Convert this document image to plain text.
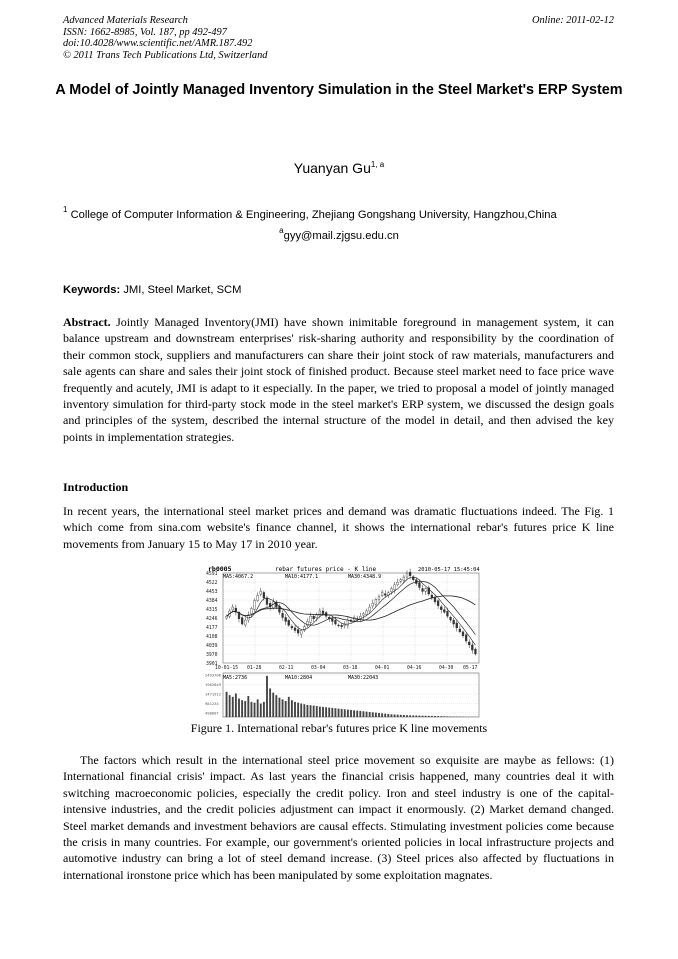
Advanced Materials Research
ISSN: 1662-8985, Vol. 187, pp 492-497
doi:10.4028/www.scientific.net/AMR.187.492
© 2011 Trans Tech Publications Ltd, Switzerland
Online: 2011-02-12
A Model of Jointly Managed Inventory Simulation in the Steel Market's ERP System
Yuanyan Gu$^{1, a}$
$^1$ College of Computer Information & Engineering, Zhejiang Gongshang University, Hangzhou,China
$^a$gyy@mail.zjgsu.edu.cn
Keywords: JMI, Steel Market, SCM

Abstract. Jointly Managed Inventory(JMI) have shown inimitable foreground in management system, it can balance upstream and downstream enterprises' risk-sharing authority and responsibility by the coordination of their common stock, suppliers and manufacturers can share their joint stock of raw materials, manufacturers and sale agents can share and sales their joint stock of finished product. Because steel market need to face price wave frequently and acutely, JMI is adapt to it especially. In the paper, we tried to proposal a model of jointly managed inventory simulation for third-party stock mode in the steel market's ERP system, we discussed the design goals and principles of the system, described the internal structure of the model in detail, and then advised the key points in implementation strategies.

Introduction

In recent years, the international steel market prices and demand was dramatic fluctuations indeed. The Fig. 1 which come from sina.com website's finance channel, it shows the international rebar's futures price K line movements from January 15 to May 17 in 2010 year.

4591
4522
4453
4384
4315
4246
4177
4108
4039
3970
3901
10-01-15 01-28	02-11	03-04	03-18	04-01	04-16	04-30 05-17
2493706
1962849
1471912
981234
490607
rb0005	rebar futures price - K line	2010-05-17 15:45:04
MA5:4067.2	MA10:4177.1	MA30:4348.9
MA5:2736	MA10:2804	MA30:22043
Figure 1. International rebar's futures price K line movements

The factors which result in the international steel price movement so exquisite are maybe as fellows: (1) International financial crisis' impact. As last years the financial crisis happened, many countries deal it with switching macroeconomic policies, especially the credit policy. Iron and steel industry is one of the capital-intensive industries, and the credit policies adjustment can impact it enormously. (2) Market demand changed. Steel market demands and investment behaviors are causal effects. Stimulating investment policies come because the crisis in many countries. For example, our government's oriented policies in local infrastructure projects and automotive industry can bring a lot of steel demand increase. (3) Steel prices also affected by fluctuations in international ironstone price which has been manipulated by some exploitation magnates.
